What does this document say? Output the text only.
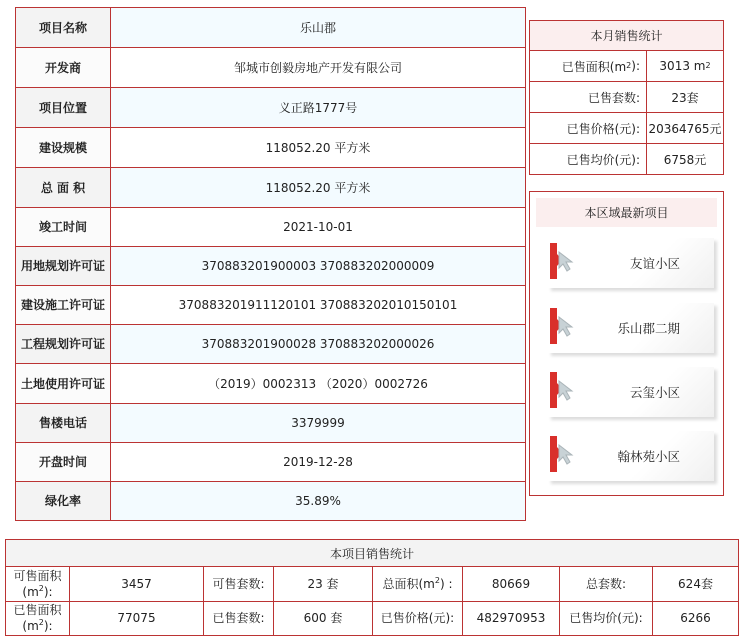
项目名称	乐山郡
开发商	邹城市创毅房地产开发有限公司
项目位置	义正路1777号
建设规模	118052.20 平方米
总 面 积	118052.20 平方米
竣工时间	2021-10-01
用地规划许可证	370883201900003 370883202000009
建设施工许可证	370883201911120101 370883202010150101
工程规划许可证	370883201900028 370883202000026
土地使用许可证	（2019）0002313 （2020）0002726
售楼电话	3379999
开盘时间	2019-12-28
绿化率	35.89%
本月销售统计
已售面积(m 2 ): 3013 m 2
已售套数:	23套
已售价格(元): 20364765元
已售均价(元):	6758元
本区域最新项目
友谊小区
乐山郡二期
云玺小区
翰林苑小区
本项目销售统计
可售面积
$(m^2)$:
3457	可售套数:	23 套	总面积$(m^2)$ :	80669	总套数:	624套
已售面积
$(m^2)$:
77075	已售套数:	600 套	已售价格(元):	482970953	已售均价(元):	6266
